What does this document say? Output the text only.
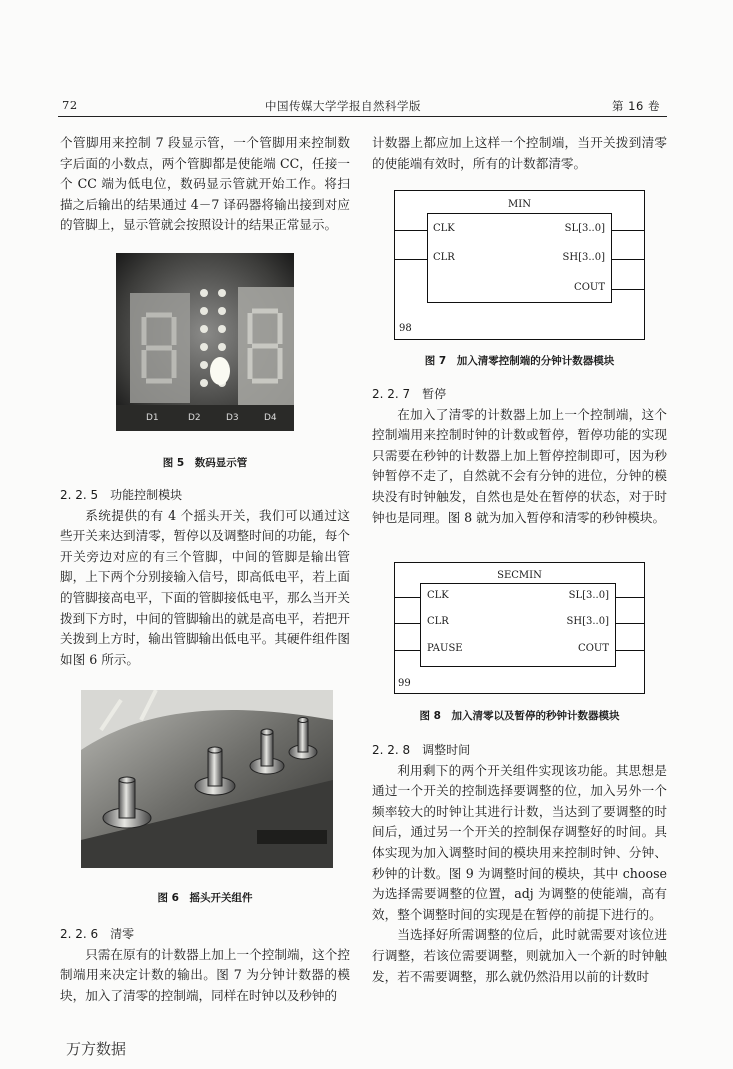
72	中国传媒大学学报自然科学版	第 16 卷

个管脚用来控制 7 段显示管，一个管脚用来控制数字后面的小数点，两个管脚都是使能端 CC，任接一个 CC 端为低电位，数码显示管就开始工作。将扫描之后输出的结果通过 4－7 译码器将输出接到对应的管脚上，显示管就会按照设计的结果正常显示。

D1	D2	D3	D4
图 5　数码显示管

2. 2. 5　功能控制模块

系统提供的有 4 个摇头开关，我们可以通过这些开关来达到清零，暂停以及调整时间的功能，每个开关旁边对应的有三个管脚，中间的管脚是输出管脚，上下两个分别接输入信号，即高低电平，若上面的管脚接高电平，下面的管脚接低电平，那么当开关拨到下方时，中间的管脚输出的就是高电平，若把开关拨到上方时，输出管脚输出低电平。其硬件组件图如图 6 所示。

图 6　摇头开关组件

2. 2. 6　清零

只需在原有的计数器上加上一个控制端，这个控制端用来决定计数的输出。图 7 为分钟计数器的模块，加入了清零的控制端，同样在时钟以及秒钟的

计数器上都应加上这样一个控制端，当开关拨到清零的使能端有效时，所有的计数都清零。

MIN
CLK
CLR
SL[3..0]
SH[3..0]
COUT
98
图 7　加入清零控制端的分钟计数器模块

2. 2. 7　暂停

在加入了清零的计数器上加上一个控制端，这个控制端用来控制时钟的计数或暂停，暂停功能的实现只需要在秒钟的计数器上加上暂停控制即可，因为秒钟暂停不走了，自然就不会有分钟的进位，分钟的模块没有时钟触发，自然也是处在暂停的状态，对于时钟也是同理。图 8 就为加入暂停和清零的秒钟模块。

SECMIN
CLK
CLR
PAUSE
SL[3..0]
SH[3..0]
COUT
99
图 8　加入清零以及暂停的秒钟计数器模块

2. 2. 8　调整时间

利用剩下的两个开关组件实现该功能。其思想是通过一个开关的控制选择要调整的位，加入另外一个频率较大的时钟让其进行计数，当达到了要调整的时间后，通过另一个开关的控制保存调整好的时间。具体实现为加入调整时间的模块用来控制时钟、分钟、秒钟的计数。图 9 为调整时间的模块，其中 choose 为选择需要调整的位置，adj 为调整的使能端，高有效，整个调整时间的实现是在暂停的前提下进行的。

当选择好所需调整的位后，此时就需要对该位进行调整，若该位需要调整，则就加入一个新的时钟触发，若不需要调整，那么就仍然沿用以前的计数时

万方数据
